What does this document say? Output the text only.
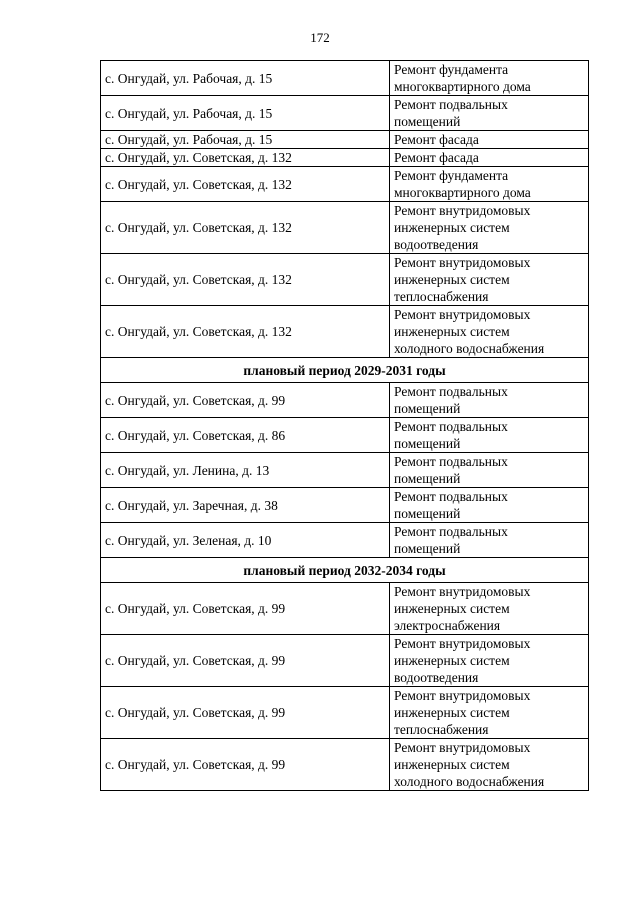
172
с. Онгудай, ул. Рабочая, д. 15	Ремонт фундамента
многоквартирного дома
с. Онгудай, ул. Рабочая, д. 15	Ремонт подвальных
помещений
с. Онгудай, ул. Рабочая, д. 15	Ремонт фасада
с. Онгудай, ул. Советская, д. 132	Ремонт фасада
с. Онгудай, ул. Советская, д. 132	Ремонт фундамента
многоквартирного дома
с. Онгудай, ул. Советская, д. 132	Ремонт внутридомовых
инженерных систем
водоотведения
с. Онгудай, ул. Советская, д. 132	Ремонт внутридомовых
инженерных систем
теплоснабжения
с. Онгудай, ул. Советская, д. 132	Ремонт внутридомовых
инженерных систем
холодного водоснабжения
плановый период 2029-2031 годы	
с. Онгудай, ул. Советская, д. 99	Ремонт подвальных
помещений
с. Онгудай, ул. Советская, д. 86	Ремонт подвальных
помещений
с. Онгудай, ул. Ленина, д. 13	Ремонт подвальных
помещений
с. Онгудай, ул. Заречная, д. 38	Ремонт подвальных
помещений
с. Онгудай, ул. Зеленая, д. 10	Ремонт подвальных
помещений
плановый период 2032-2034 годы	
с. Онгудай, ул. Советская, д. 99	Ремонт внутридомовых
инженерных систем
электроснабжения
с. Онгудай, ул. Советская, д. 99	Ремонт внутридомовых
инженерных систем
водоотведения
с. Онгудай, ул. Советская, д. 99	Ремонт внутридомовых
инженерных систем
теплоснабжения
с. Онгудай, ул. Советская, д. 99	Ремонт внутридомовых
инженерных систем
холодного водоснабжения
